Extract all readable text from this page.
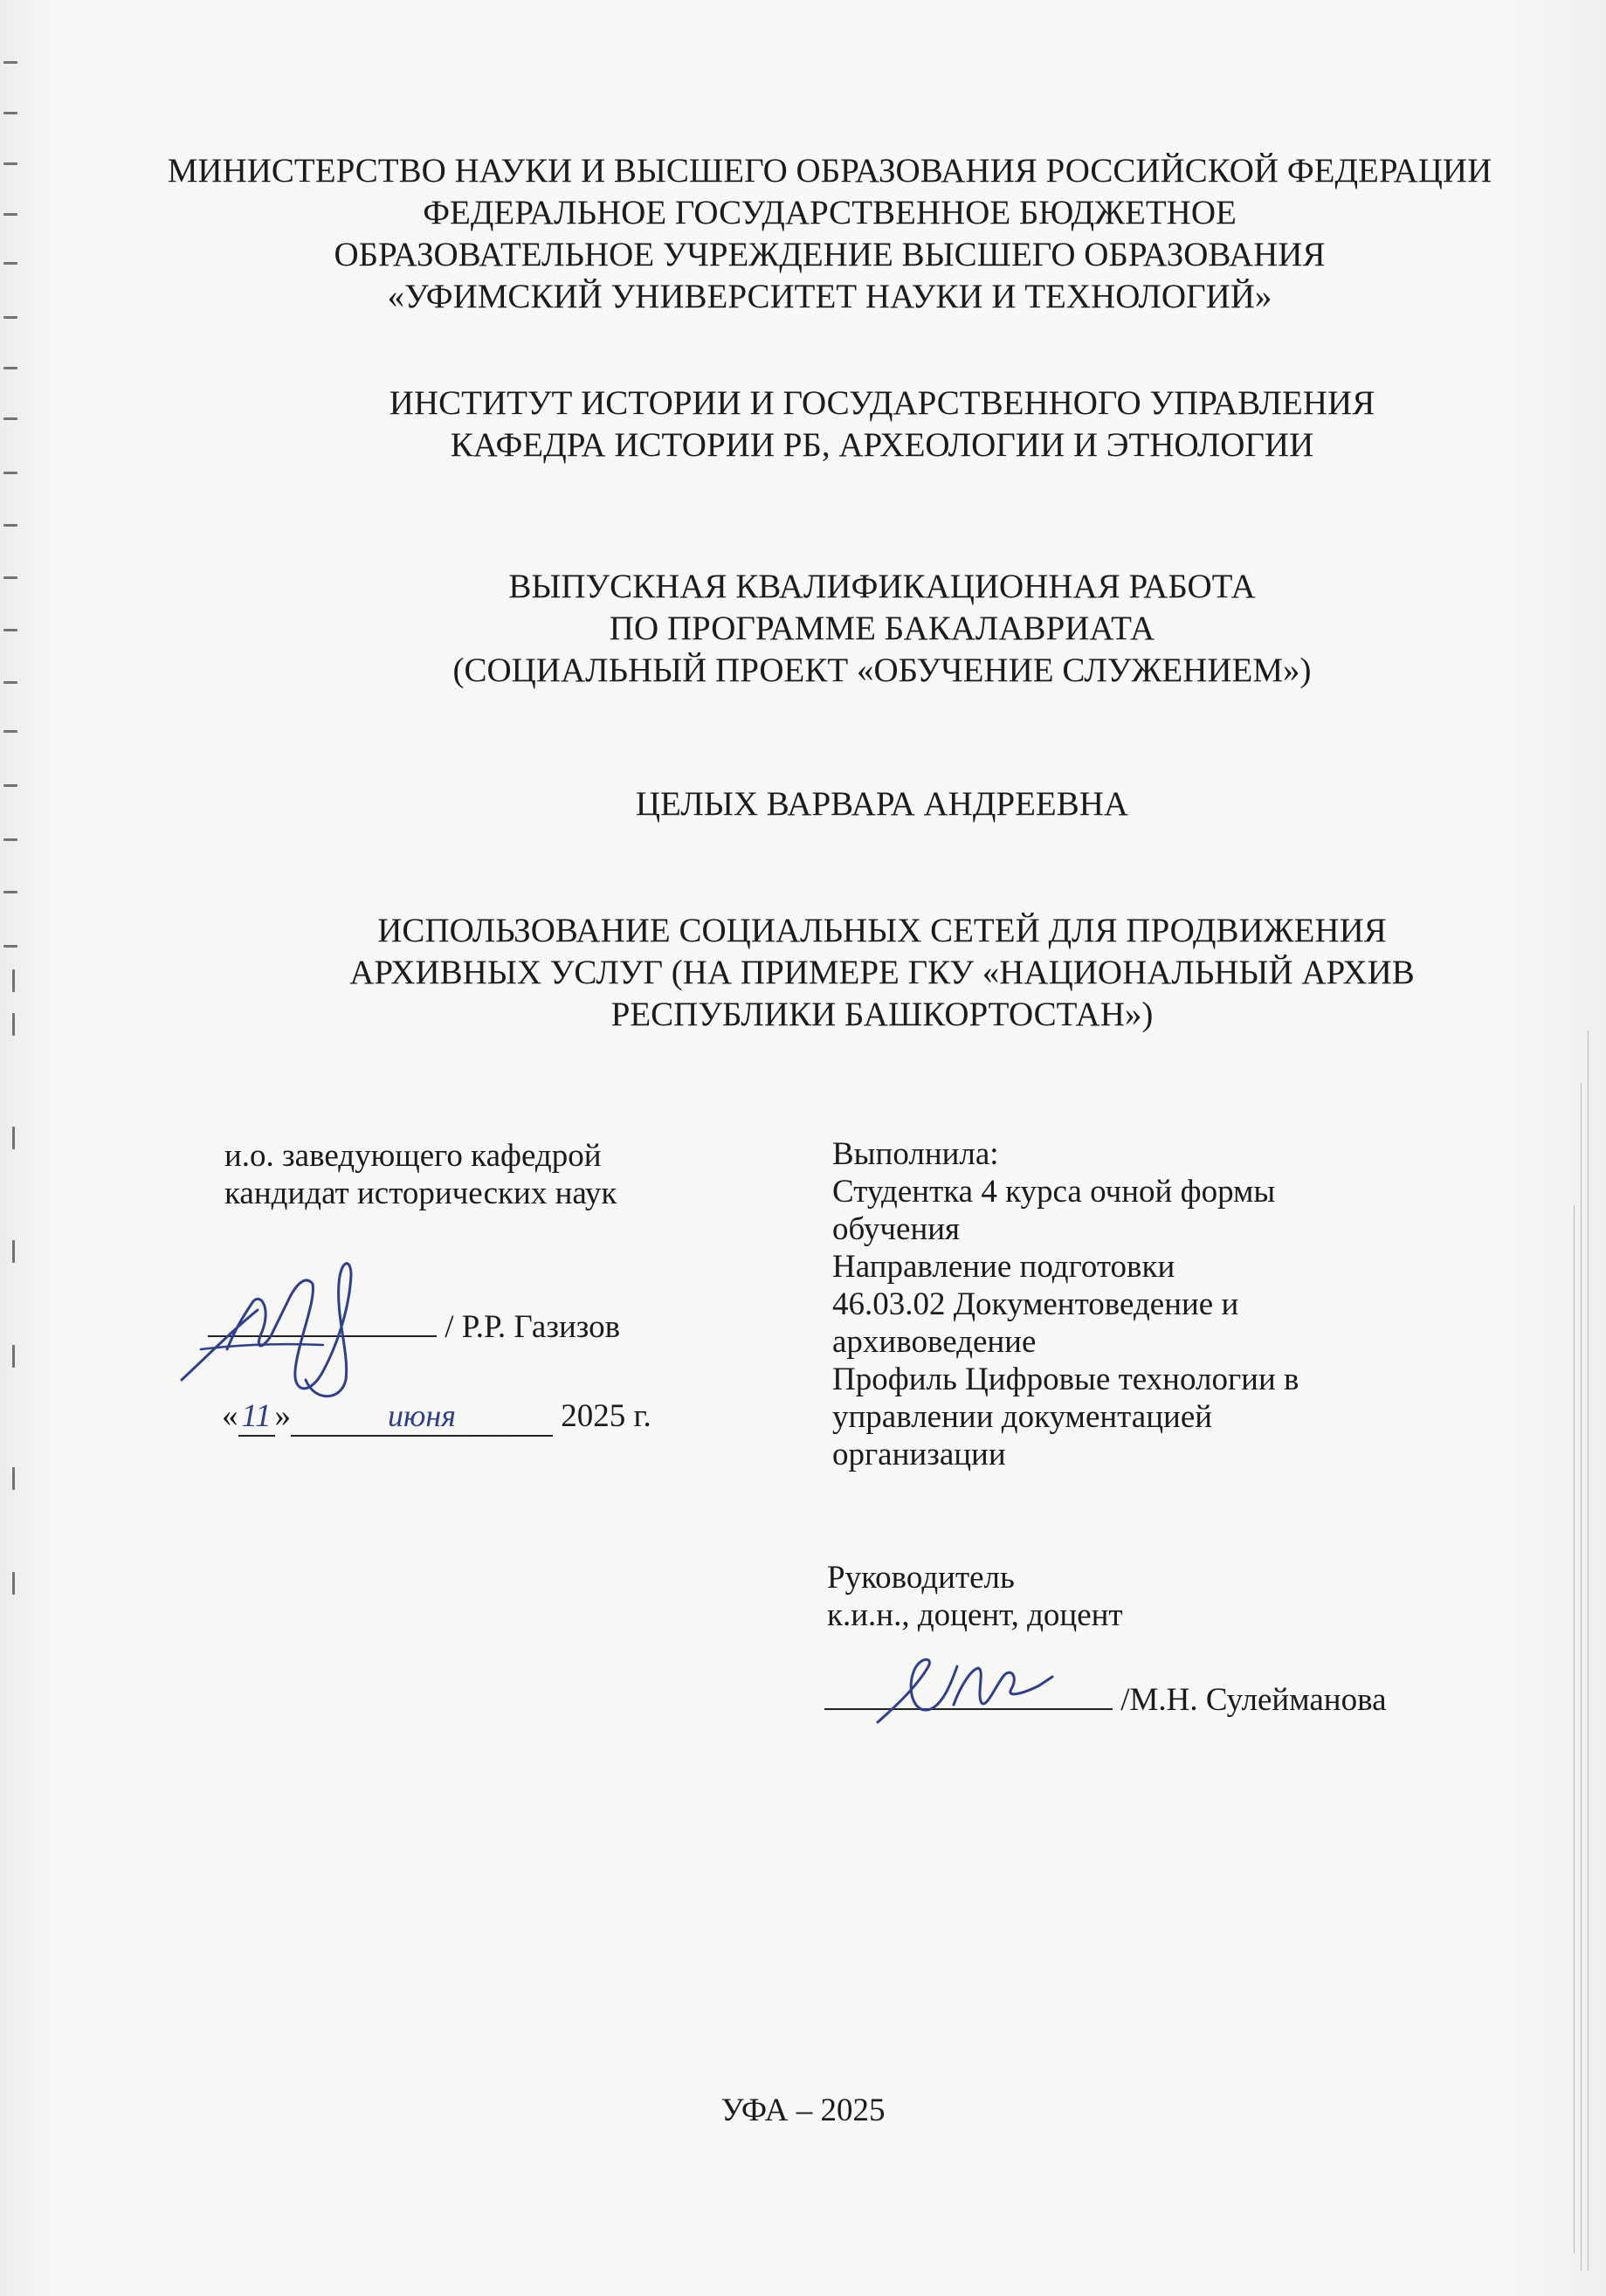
МИНИСТЕРСТВО НАУКИ И ВЫСШЕГО ОБРАЗОВАНИЯ РОССИЙСКОЙ ФЕДЕРАЦИИ
ФЕДЕРАЛЬНОЕ ГОСУДАРСТВЕННОЕ БЮДЖЕТНОЕ
ОБРАЗОВАТЕЛЬНОЕ УЧРЕЖДЕНИЕ ВЫСШЕГО ОБРАЗОВАНИЯ
«УФИМСКИЙ УНИВЕРСИТЕТ НАУКИ И ТЕХНОЛОГИЙ»
ИНСТИТУТ ИСТОРИИ И ГОСУДАРСТВЕННОГО УПРАВЛЕНИЯ
КАФЕДРА ИСТОРИИ РБ, АРХЕОЛОГИИ И ЭТНОЛОГИИ
ВЫПУСКНАЯ КВАЛИФИКАЦИОННАЯ РАБОТА
ПО ПРОГРАММЕ БАКАЛАВРИАТА
(СОЦИАЛЬНЫЙ ПРОЕКТ «ОБУЧЕНИЕ СЛУЖЕНИЕМ»)
ЦЕЛЫХ ВАРВАРА АНДРЕЕВНА
ИСПОЛЬЗОВАНИЕ СОЦИАЛЬНЫХ СЕТЕЙ ДЛЯ ПРОДВИЖЕНИЯ
АРХИВНЫХ УСЛУГ (НА ПРИМЕРЕ ГКУ «НАЦИОНАЛЬНЫЙ АРХИВ
РЕСПУБЛИКИ БАШКОРТОСТАН»)
и.о. заведующего кафедрой
кандидат исторических наук
/ Р.Р. Газизов
« 11 »	июня	2025 г.
Выполнила:
Студентка 4 курса очной формы
обучения
Направление подготовки
46.03.02 Документоведение и
архивоведение
Профиль Цифровые технологии в
управлении документацией
организации
Руководитель
к.и.н., доцент, доцент
/М.Н. Сулейманова
УФА – 2025
